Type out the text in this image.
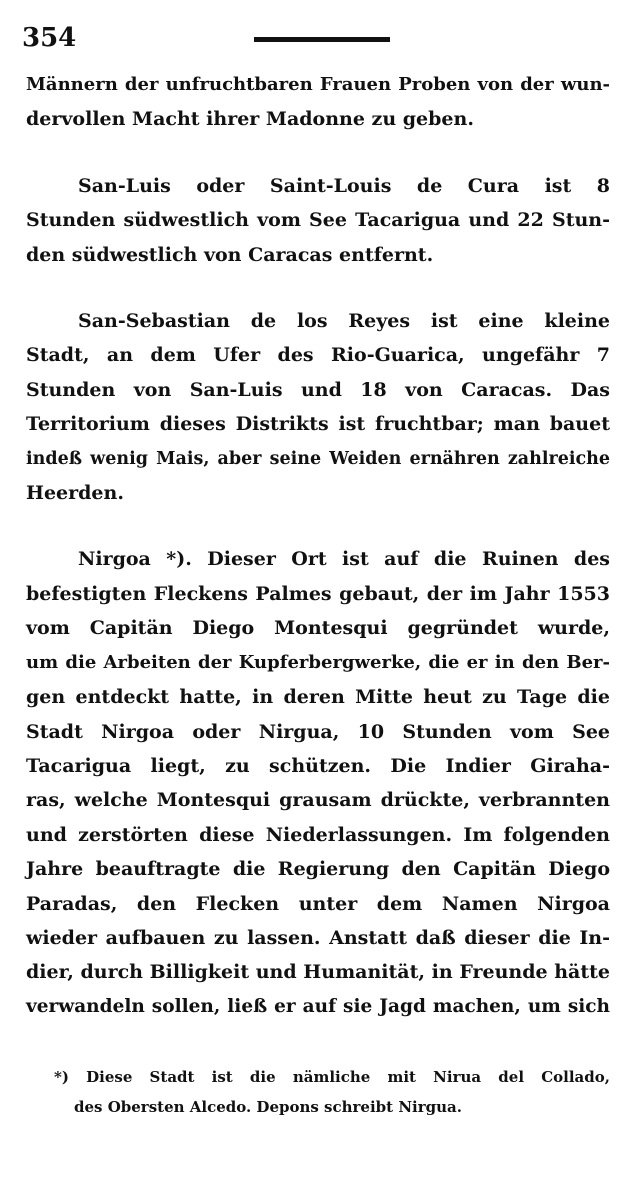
354
Männern der unfruchtbaren Frauen Proben von der wun-
dervollen Macht ihrer Madonne zu geben.
San-Luis oder Saint-Louis de Cura ist 8
Stunden südwestlich vom See Tacarigua und 22 Stun-
den südwestlich von Caracas entfernt.
San-Sebastian de los Reyes ist eine kleine
Stadt, an dem Ufer des Rio-Guarica, ungefähr 7
Stunden von San-Luis und 18 von Caracas. Das
Territorium dieses Distrikts ist fruchtbar; man bauet
indeß wenig Mais, aber seine Weiden ernähren zahlreiche
Heerden.
Nirgoa *). Dieser Ort ist auf die Ruinen des
befestigten Fleckens Palmes gebaut, der im Jahr 1553
vom Capitän Diego Montesqui gegründet wurde,
um die Arbeiten der Kupferbergwerke, die er in den Ber-
gen entdeckt hatte, in deren Mitte heut zu Tage die
Stadt Nirgoa oder Nirgua, 10 Stunden vom See
Tacarigua liegt, zu schützen. Die Indier Giraha-
ras, welche Montesqui grausam drückte, verbrannten
und zerstörten diese Niederlassungen. Im folgenden
Jahre beauftragte die Regierung den Capitän Diego
Paradas, den Flecken unter dem Namen Nirgoa
wieder aufbauen zu lassen. Anstatt daß dieser die In-
dier, durch Billigkeit und Humanität, in Freunde hätte
verwandeln sollen, ließ er auf sie Jagd machen, um sich
*) Diese Stadt ist die nämliche mit Nirua del Collado,
des Obersten Alcedo. Depons schreibt Nirgua.
